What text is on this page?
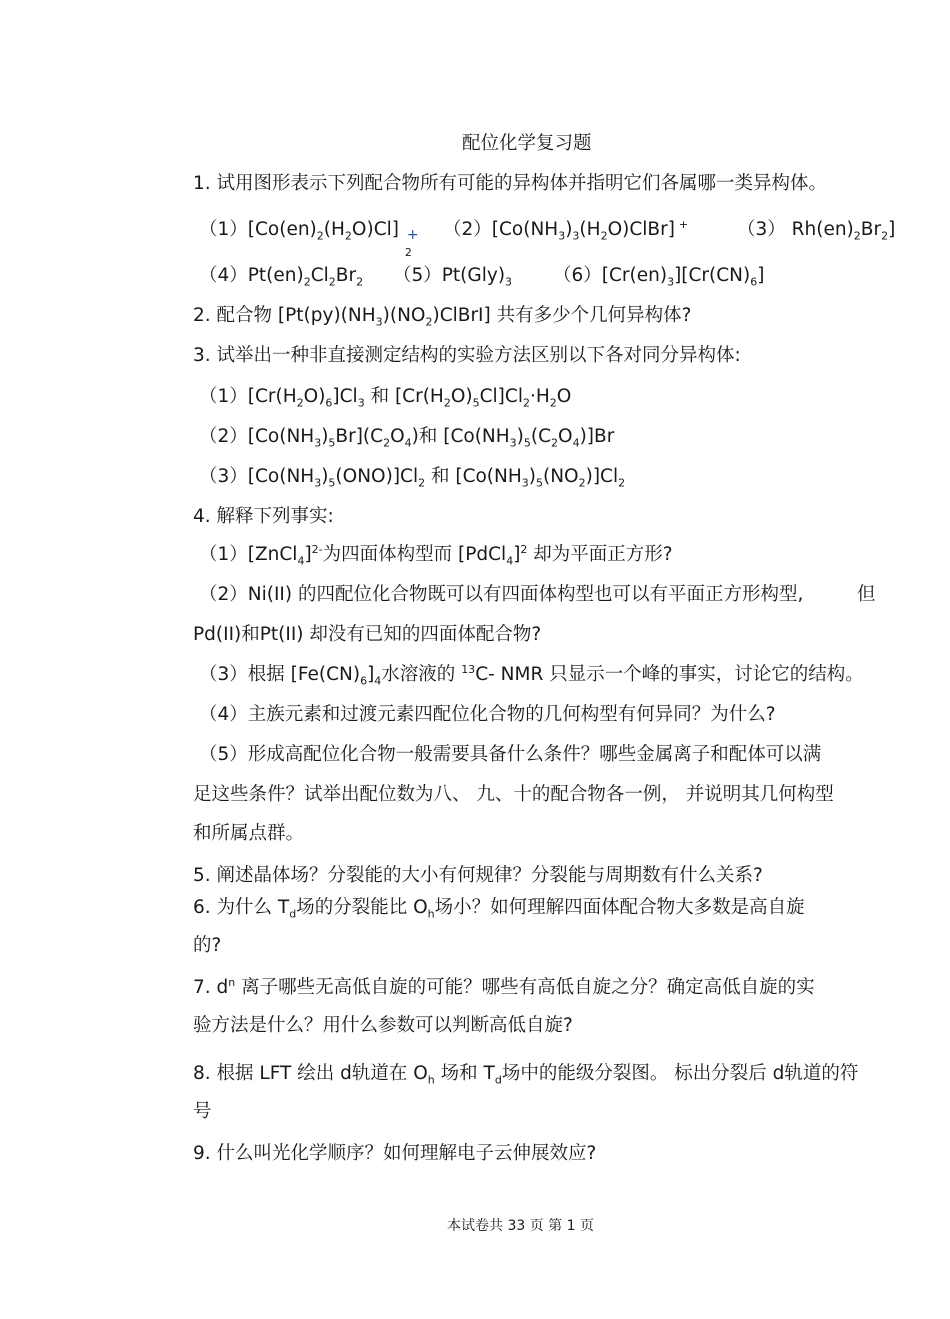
配位化学复习题
1. 试用图形表示下列配合物所有可能的异构体并指明它们各属哪一类异构体。
$(1)[Co(en)_2(H_2O)Cl]$ +
2
$(2)[Co(NH_3)_3(H_2O)ClBr]$ +	（3） $Rh(en)_2Br_2$]
$(4)Pt(en)_2Cl_2Br_2$ $(5)Pt(Gly)_3$ $(6)[Cr(en)_3][Cr(CN)_6]$
2. 配合物 $[Pt(py)(NH_3)(NO_2)ClBrI]$ 共有多少个几何异构体?
3. 试举出一种非直接测定结构的实验方法区别以下各对同分异构体:
$(1)[Cr(H_2O)_6]Cl_3$ 和 $[Cr(H_2O)_5Cl]Cl_2\cdot H_2O$
$(2)[Co(NH_3)_5Br](C_2O_4)$和 $[Co(NH_3)_5(C_2O_4)]Br$
$(3)[Co(NH_3)_5(ONO)]Cl_2$ 和 $[Co(NH_3)_5(NO_2)]Cl_2$
4. 解释下列事实:
（1）[ZnCl$_4$]$^{2-}$为四面体构型而 [PdCl$_4$]$^2$ 却为平面正方形?
（2）Ni(II) 的四配位化合物既可以有四面体构型也可以有平面正方形构型,	但
Pd(II)和Pt(II) 却没有已知的四面体配合物?
（3）根据 $[Fe(CN)_6]_4$水溶液的 $^{13}$C- NMR 只显示一个峰的事实，讨论它的结构。
（4）主族元素和过渡元素四配位化合物的几何构型有何异同？为什么?
（5）形成高配位化合物一般需要具备什么条件？哪些金属离子和配体可以满
足这些条件？试举出配位数为八、 九、十的配合物各一例， 并说明其几何构型
和所属点群。
5. 阐述晶体场？分裂能的大小有何规律？分裂能与周期数有什么关系?
6. 为什么 $T_d$场的分裂能比 $O_h$场小？如何理解四面体配合物大多数是高自旋
的?
7. $d^n$ 离子哪些无高低自旋的可能？哪些有高低自旋之分？确定高低自旋的实
验方法是什么？用什么参数可以判断高低自旋?
8. 根据 LFT 绘出 d轨道在 $O_h$ 场和 $T_d$场中的能级分裂图。 标出分裂后 d轨道的符
号
9. 什么叫光化学顺序？如何理解电子云伸展效应?
本试卷共 33 页 第 1 页
